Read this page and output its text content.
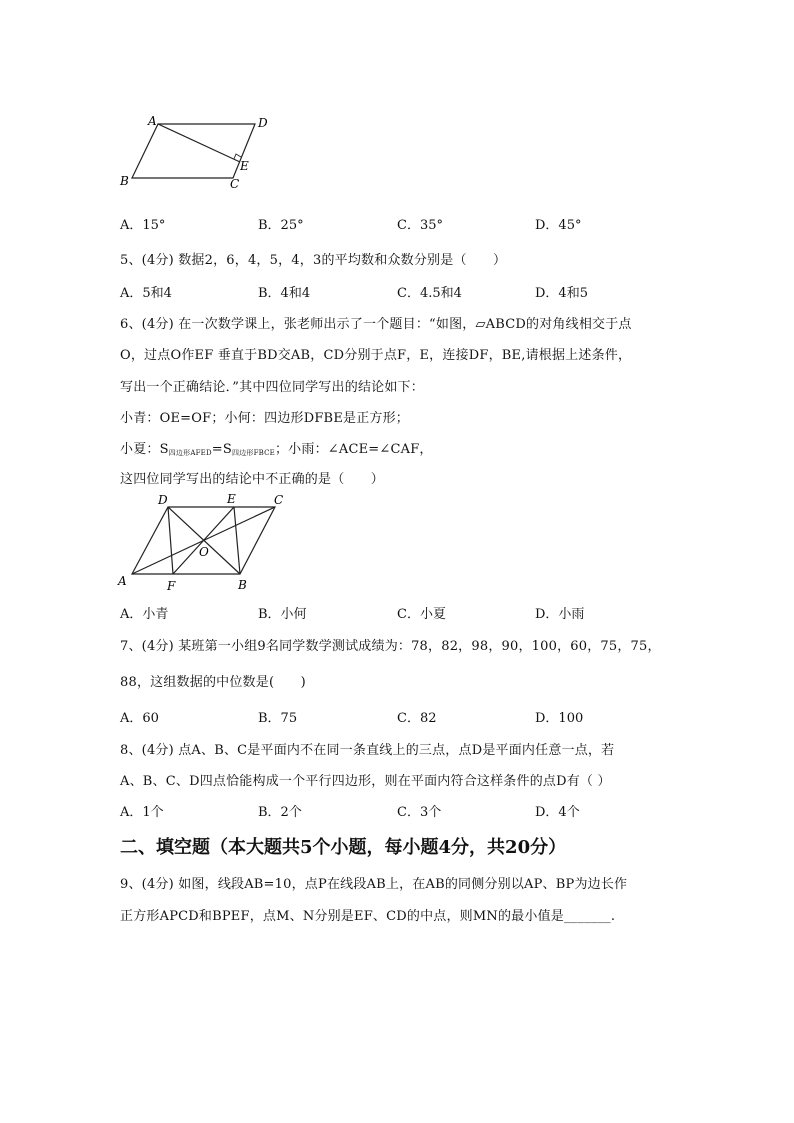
A	D
E
B	C
A．15°	B．25°	C．35°	D．45°
5、(4分) 数据2，6，4，5，4，3的平均数和众数分别是（　　）
A．5和4	B．4和4	C．4.5和4	D．4和5
6、(4分) 在一次数学课上，张老师出示了一个题目：“如图，▱ABCD的对角线相交于点
O，过点O作EF 垂直于BD交AB，CD分别于点F，E，连接DF，BE,请根据上述条件，
写出一个正确结论．”其中四位同学写出的结论如下：
小青：OE=OF；小何：四边形DFBE是正方形；
小夏：$S_{四边形AFED}=S_{四边形FBCE}$；小雨：∠ACE=∠CAF，
这四位同学写出的结论中不正确的是（　　）
D	E	C
O
A	F	B
A．小青	B．小何	C．小夏	D．小雨
7、(4分) 某班第一小组9名同学数学测试成绩为：78，82，98，90，100，60，75，75，
88，这组数据的中位数是(　　)
A．60	B．75	C．82	D．100
8、(4分) 点A、B、C是平面内不在同一条直线上的三点，点D是平面内任意一点，若
A、B、C、D四点恰能构成一个平行四边形，则在平面内符合这样条件的点D有（ ）
A．1个	B．2个	C．3个	D．4个
二、填空题（本大题共5个小题，每小题4分，共20分）
9、(4分) 如图，线段AB=10，点P在线段AB上，在AB的同侧分别以AP、BP为边长作
正方形APCD和BPEF，点M、N分别是EF、CD的中点，则MN的最小值是_______.
